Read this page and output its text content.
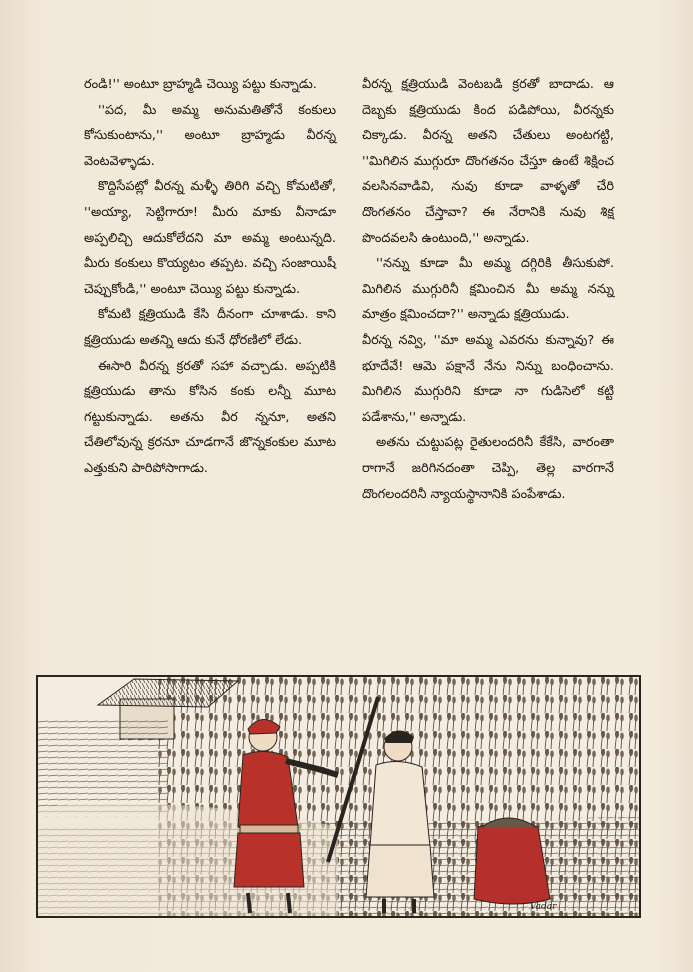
రండి!'' అంటూ బ్రాహ్మడి చెయ్యి పట్టు కున్నాడు.

''పద, మీ అమ్మ అనుమతితోనే కంకులు కోసుకుంటాను,'' అంటూ బ్రాహ్మడు వీరన్న వెంటవెళ్ళాడు.

కొద్దిసేపట్లో వీరన్న మళ్ళీ తిరిగి వచ్చి కోమటితో, ''అయ్యా, సెట్టిగారూ! మీరు మాకు వీనాడూ అప్పలిచ్చి ఆదుకోలేదని మా అమ్మ అంటున్నది. మీరు కంకులు కొయ్యటం తప్పట. వచ్చి సంజాయిషీ చెప్పుకోండి,'' అంటూ చెయ్యి పట్టు కున్నాడు.

కోమటి క్షత్రియుడి కేసి దీనంగా చూశాడు. కాని క్షత్రియుడు అతన్ని ఆదు కునే ధోరణిలో లేడు.

ఈసారి వీరన్న క్రరతో సహా వచ్చాడు. అప్పటికి క్షత్రియుడు తాను కోసిన కంకు లన్నీ మూట గట్టుకున్నాడు. అతను వీర న్ననూ, అతని చేతిలోవున్న క్రరనూ చూడగానే జొన్నకంకుల మూట ఎత్తుకుని పారిపోసాగాడు.

వీరన్న క్షత్రియుడి వెంటబడి క్రరతో బాదాడు. ఆ దెబ్బకు క్షత్రియుడు కింద పడిపోయి, వీరన్నకు చిక్కాడు. వీరన్న అతని చేతులు అంటగట్టి, ''మిగిలిన ముగ్గురూ దొంగతనం చేస్తూ ఉంటే శిక్షించ వలసినవాడివి, నువు కూడా వాళ్ళతో చేరి దొంగతనం చేస్తావా? ఈ నేరానికి నువు శిక్ష పొందవలసి ఉంటుంది,'' అన్నాడు.

''నన్ను కూడా మీ అమ్మ దగ్గిరికి తీసుకుపో. మిగిలిన ముగ్గురినీ క్షమించిన మీ అమ్మ నన్ను మాత్రం క్షమించదా?'' అన్నాడు క్షత్రియుడు.

వీరన్న నవ్వి, ''మా అమ్మ ఎవరను కున్నావు? ఈ భూదేవే! ఆమె పక్షానే నేను నిన్ను బంధించాను. మిగిలిన ముగ్గురిని కూడా నా గుడిసెలో కట్టి పడేశాను,'' అన్నాడు.

అతను చుట్టుపట్ల రైతులందరినీ కేకేసి, వారంతా రాగానే జరిగినదంతా చెప్పి, తెల్ల వారగానే దొంగలందరినీ న్యాయస్థానానికి పంపేశాడు.

Vadar
